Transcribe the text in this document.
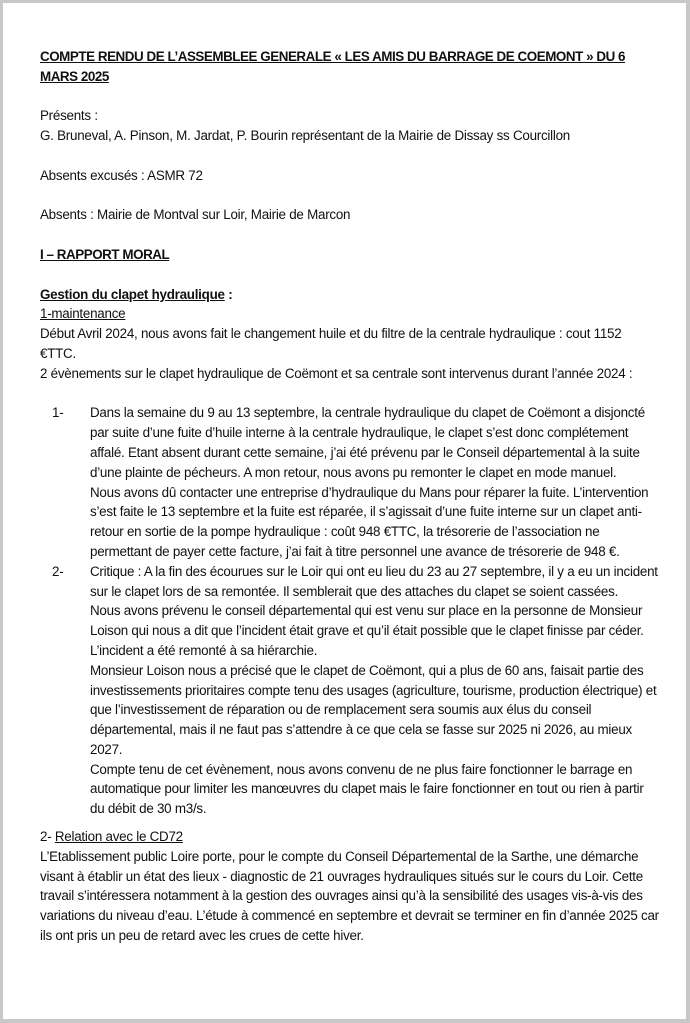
COMPTE RENDU DE L’ASSEMBLEE GENERALE « LES AMIS DU BARRAGE DE COEMONT » DU 6 MARS 2025

Présents :

G. Bruneval, A. Pinson, M. Jardat, P. Bourin représentant de la Mairie de Dissay ss Courcillon

Absents excusés : ASMR 72

Absents : Mairie de Montval sur Loir, Mairie de Marcon

I – RAPPORT MORAL

Gestion du clapet hydraulique :

1-maintenance

Début Avril 2024, nous avons fait le changement huile et du filtre de la centrale hydraulique : cout 1152 €TTC.

2 évènements sur le clapet hydraulique de Coëmont et sa centrale sont intervenus durant l’année 2024 :

1-	Dans la semaine du 9 au 13 septembre, la centrale hydraulique du clapet de Coëmont a disjoncté par suite d’une fuite d’huile interne à la centrale hydraulique, le clapet s’est donc complétement affalé. Etant absent durant cette semaine, j’ai été prévenu par le Conseil départemental à la suite d’une plainte de pécheurs. A mon retour, nous avons pu remonter le clapet en mode manuel.

Nous avons dû contacter une entreprise d’hydraulique du Mans pour réparer la fuite. L’intervention s’est faite le 13 septembre et la fuite est réparée, il s’agissait d’une fuite interne sur un clapet anti-retour en sortie de la pompe hydraulique : coût 948 €TTC, la trésorerie de l’association ne permettant de payer cette facture, j’ai fait à titre personnel une avance de trésorerie de 948 €.

2-	Critique : A la fin des écourues sur le Loir qui ont eu lieu du 23 au 27 septembre, il y a eu un incident sur le clapet lors de sa remontée. Il semblerait que des attaches du clapet se soient cassées.

Nous avons prévenu le conseil départemental qui est venu sur place en la personne de Monsieur Loison qui nous a dit que l’incident était grave et qu’il était possible que le clapet finisse par céder. L’incident a été remonté à sa hiérarchie.

Monsieur Loison nous a précisé que le clapet de Coëmont, qui a plus de 60 ans, faisait partie des investissements prioritaires compte tenu des usages (agriculture, tourisme, production électrique) et que l’investissement de réparation ou de remplacement sera soumis aux élus du conseil départemental, mais il ne faut pas s’attendre à ce que cela se fasse sur 2025 ni 2026, au mieux 2027.

Compte tenu de cet évènement, nous avons convenu de ne plus faire fonctionner le barrage en automatique pour limiter les manœuvres du clapet mais le faire fonctionner en tout ou rien à partir du débit de 30 m3/s.

2- Relation avec le CD72

L’Etablissement public Loire porte, pour le compte du Conseil Départemental de la Sarthe, une démarche visant à établir un état des lieux - diagnostic de 21 ouvrages hydrauliques situés sur le cours du Loir. Cette travail s’intéressera notamment à la gestion des ouvrages ainsi qu’à la sensibilité des usages vis-à-vis des variations du niveau d’eau. L’étude à commencé en septembre et devrait se terminer en fin d’année 2025 car ils ont pris un peu de retard avec les crues de cette hiver.
